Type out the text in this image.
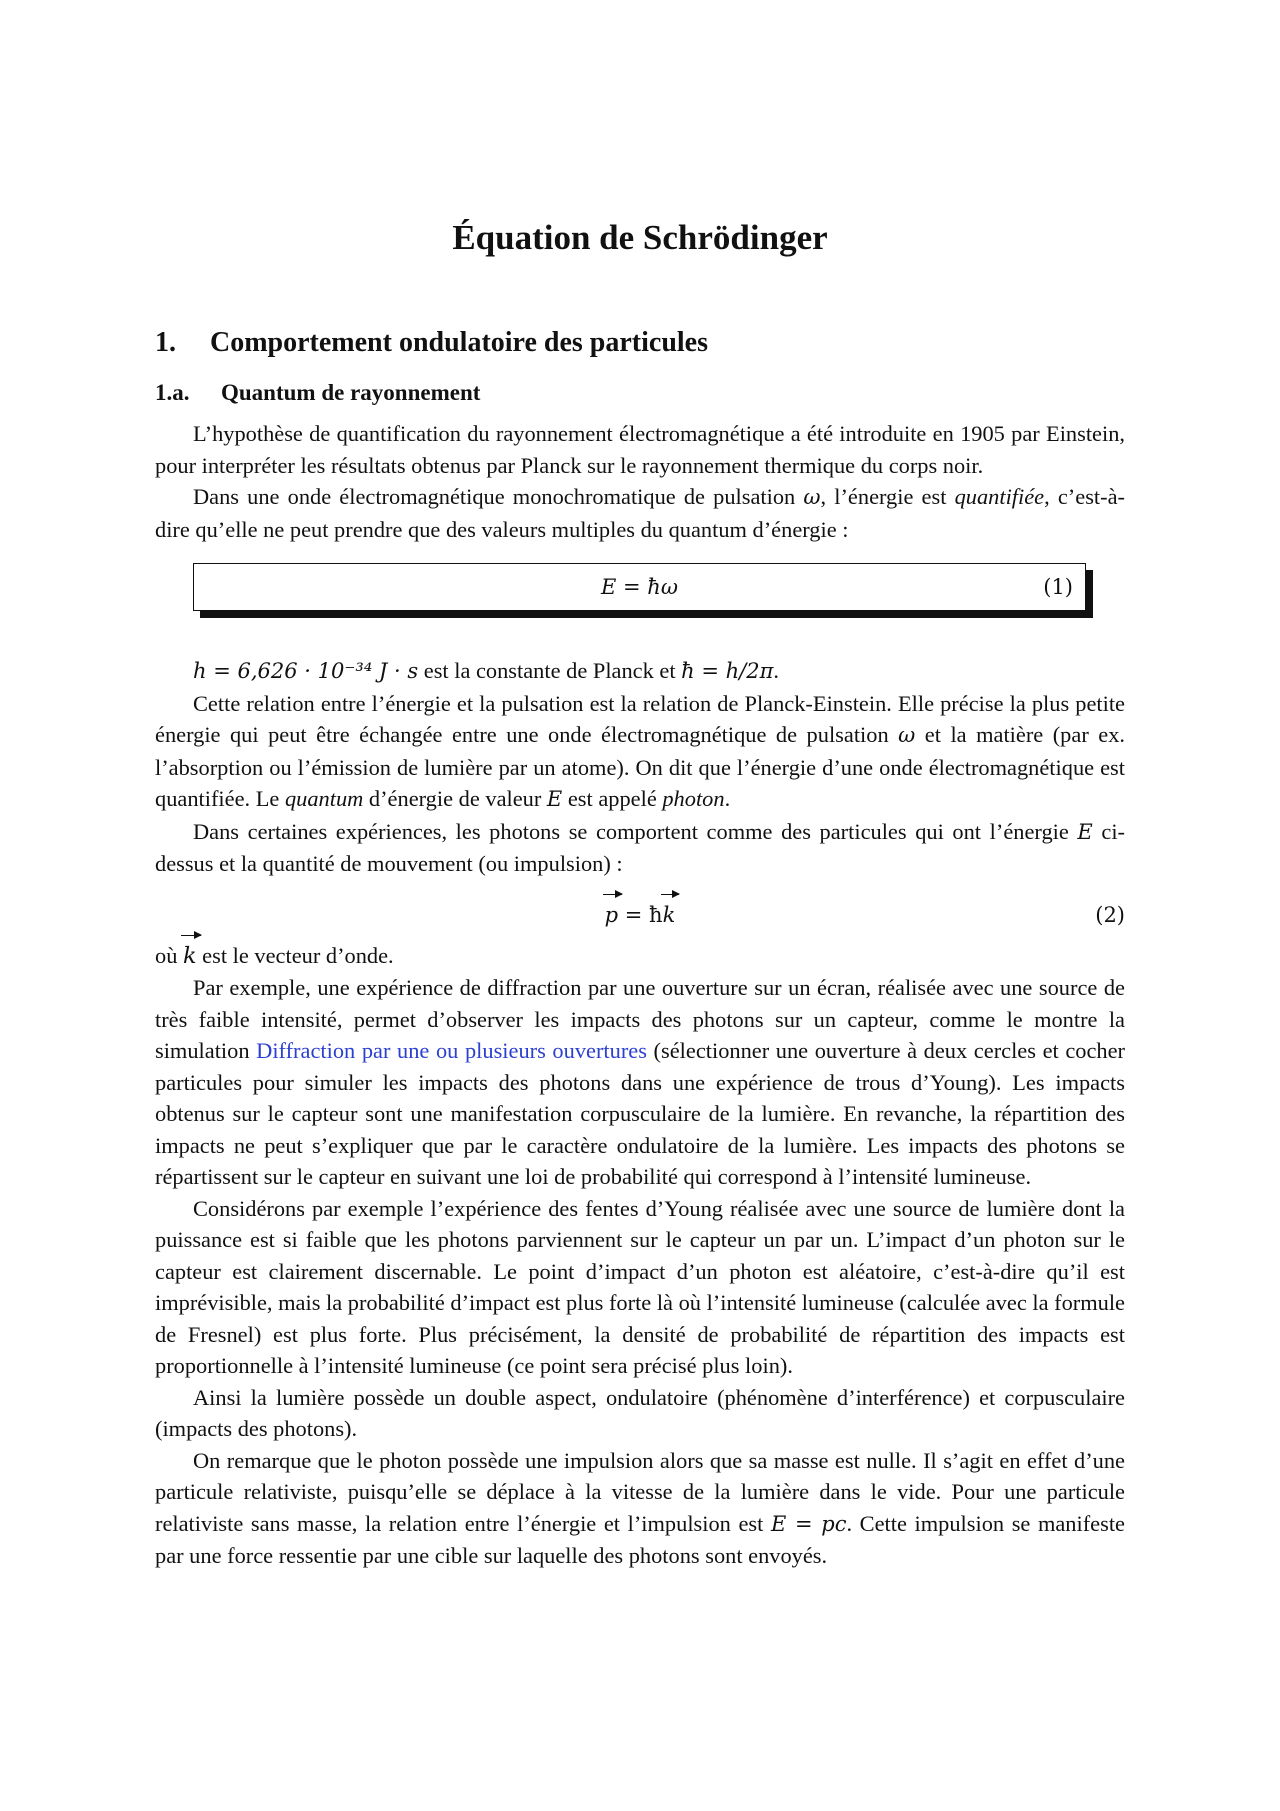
Équation de Schrödinger
1. Comportement ondulatoire des particules
1.a. Quantum de rayonnement

L’hypothèse de quantification du rayonnement électromagnétique a été introduite en 1905 par Einstein, pour interpréter les résultats obtenus par Planck sur le rayonnement thermique du corps noir.

Dans une onde électromagnétique monochromatique de pulsation ω, l’énergie est quantifiée, c’est-à-dire qu’elle ne peut prendre que des valeurs multiples du quantum d’énergie :

E = ħω	(1)

h = 6,626 · 10⁻³⁴ J · s est la constante de Planck et ħ = h/2π.

Cette relation entre l’énergie et la pulsation est la relation de Planck-Einstein. Elle précise la plus petite énergie qui peut être échangée entre une onde électromagnétique de pulsation ω et la matière (par ex. l’absorption ou l’émission de lumière par un atome). On dit que l’énergie d’une onde électromagnétique est quantifiée. Le quantum d’énergie de valeur E est appelé photon.

Dans certaines expériences, les photons se comportent comme des particules qui ont l’énergie E ci-dessus et la quantité de mouvement (ou impulsion) :

p = ħk	(2)

où k est le vecteur d’onde.

Par exemple, une expérience de diffraction par une ouverture sur un écran, réalisée avec une source de très faible intensité, permet d’observer les impacts des photons sur un capteur, comme le montre la simulation Diffraction par une ou plusieurs ouvertures (sélectionner une ouverture à deux cercles et cocher particules pour simuler les impacts des photons dans une expérience de trous d’Young). Les impacts obtenus sur le capteur sont une manifestation corpusculaire de la lumière. En revanche, la répartition des impacts ne peut s’expliquer que par le caractère ondulatoire de la lumière. Les impacts des photons se répartissent sur le capteur en suivant une loi de probabilité qui correspond à l’intensité lumineuse.

Considérons par exemple l’expérience des fentes d’Young réalisée avec une source de lumière dont la puissance est si faible que les photons parviennent sur le capteur un par un. L’impact d’un photon sur le capteur est clairement discernable. Le point d’impact d’un photon est aléatoire, c’est-à-dire qu’il est imprévisible, mais la probabilité d’impact est plus forte là où l’intensité lumineuse (calculée avec la formule de Fresnel) est plus forte. Plus précisément, la densité de probabilité de répartition des impacts est proportionnelle à l’intensité lumineuse (ce point sera précisé plus loin).

Ainsi la lumière possède un double aspect, ondulatoire (phénomène d’interférence) et corpusculaire (impacts des photons).

On remarque que le photon possède une impulsion alors que sa masse est nulle. Il s’agit en effet d’une particule relativiste, puisqu’elle se déplace à la vitesse de la lumière dans le vide. Pour une particule relativiste sans masse, la relation entre l’énergie et l’impulsion est E = pc. Cette impulsion se manifeste par une force ressentie par une cible sur laquelle des photons sont envoyés.
